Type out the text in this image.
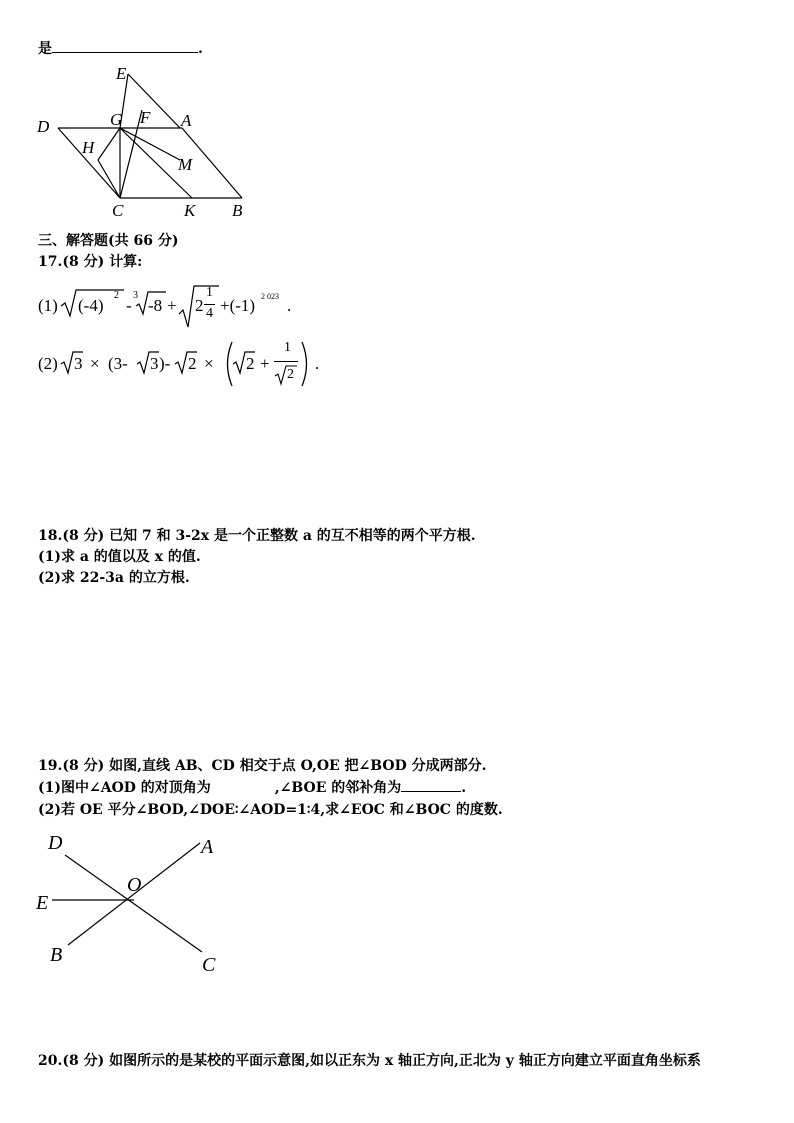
是	.
E
F
G	A
D
H
M
C	K B
三、解答题(共 66 分)
17.(8 分) 计算:
(1) (-4)
2
-
3
-8 + 2
1
4 +(-1) 2 023 .
(2) 3 × (3- 3 )- 2 × 2 +
1
2
.
18.(8 分) 已知 7 和 3-2x 是一个正整数 a 的互不相等的两个平方根.
(1)求 a 的值以及 x 的值.
(2)求 22-3a 的立方根.
19.(8 分) 如图,直线 AB、CD 相交于点 O,OE 把∠BOD 分成两部分.
(1)图中∠AOD 的对顶角为	,∠BOE 的邻补角为	.
(2)若 OE 平分∠BOD,∠DOE∶∠AOD=1∶4,求∠EOC 和∠BOC 的度数.
D	A
O
E
B	C
20.(8 分) 如图所示的是某校的平面示意图,如以正东为 x 轴正方向,正北为 y 轴正方向建立平面直角坐标系
